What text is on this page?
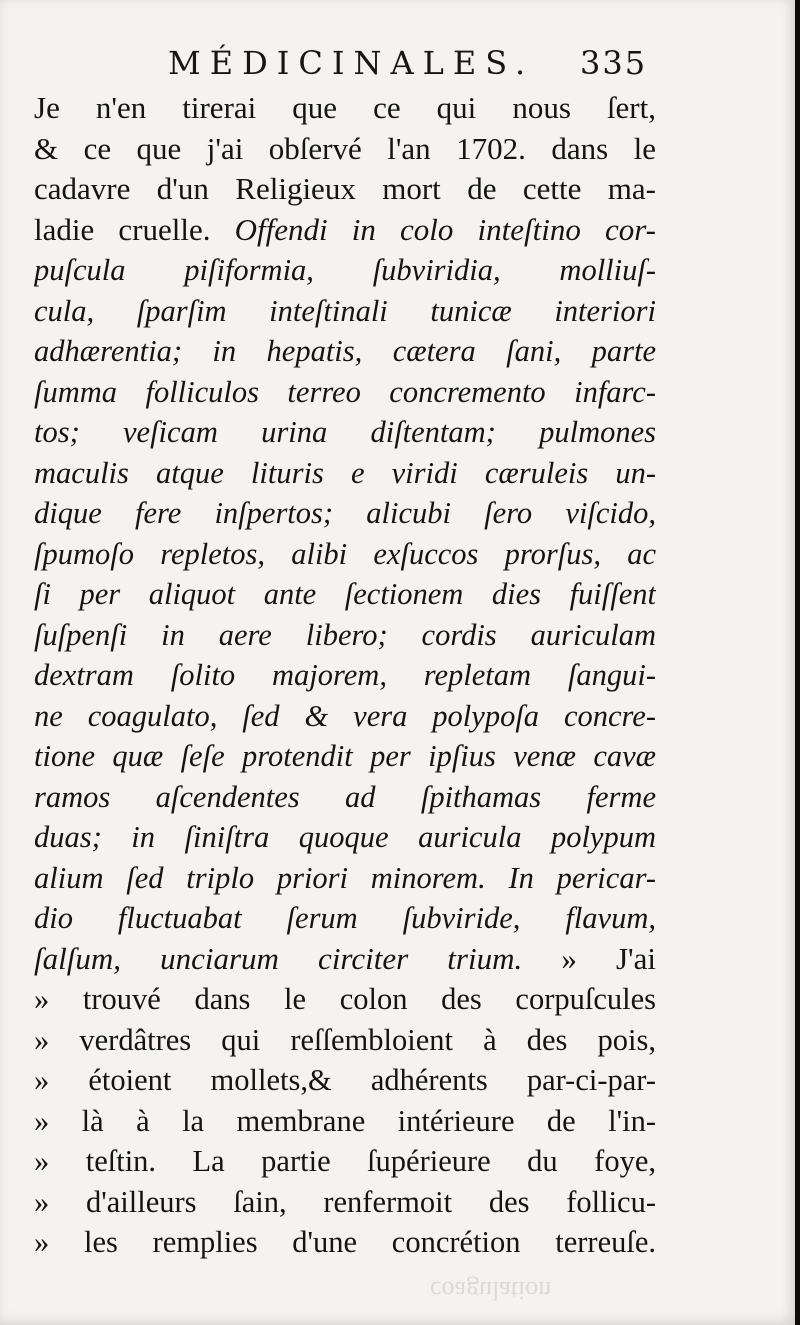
MÉDICINALES. 335
Je n'en tirerai que ce qui nous ſert,
& ce que j'ai obſervé l'an 1702. dans le
cadavre d'un Religieux mort de cette ma-
ladie cruelle. Offendi in colo inteſtino cor-
puſcula piſiformia, ſubviridia, molliuſ-
cula, ſparſim inteſtinali tunicæ interiori
adhærentia; in hepatis, cætera ſani, parte
ſumma folliculos terreo concremento infarc-
tos; veſicam urina diſtentam; pulmones
maculis atque lituris e viridi cæruleis un-
dique fere inſpertos; alicubi ſero viſcido,
ſpumoſo repletos, alibi exſuccos prorſus, ac
ſi per aliquot ante ſectionem dies fuiſſent
ſuſpenſi in aere libero; cordis auriculam
dextram ſolito majorem, repletam ſangui-
ne coagulato, ſed & vera polypoſa concre-
tione quæ ſeſe protendit per ipſius venæ cavæ
ramos aſcendentes ad ſpithamas ferme
duas; in ſiniſtra quoque auricula polypum
alium ſed triplo priori minorem. In pericar-
dio fluctuabat ſerum ſubviride, flavum,
ſalſum, unciarum circiter trium. » J'ai
» trouvé dans le colon des corpuſcules
» verdâtres qui reſſembloient à des pois,
» étoient mollets,& adhérents par-ci-par-
» là à la membrane intérieure de l'in-
» teſtin. La partie ſupérieure du foye,
» d'ailleurs ſain, renfermoit des follicu-
» les remplies d'une concrétion terreuſe.
coagulation
